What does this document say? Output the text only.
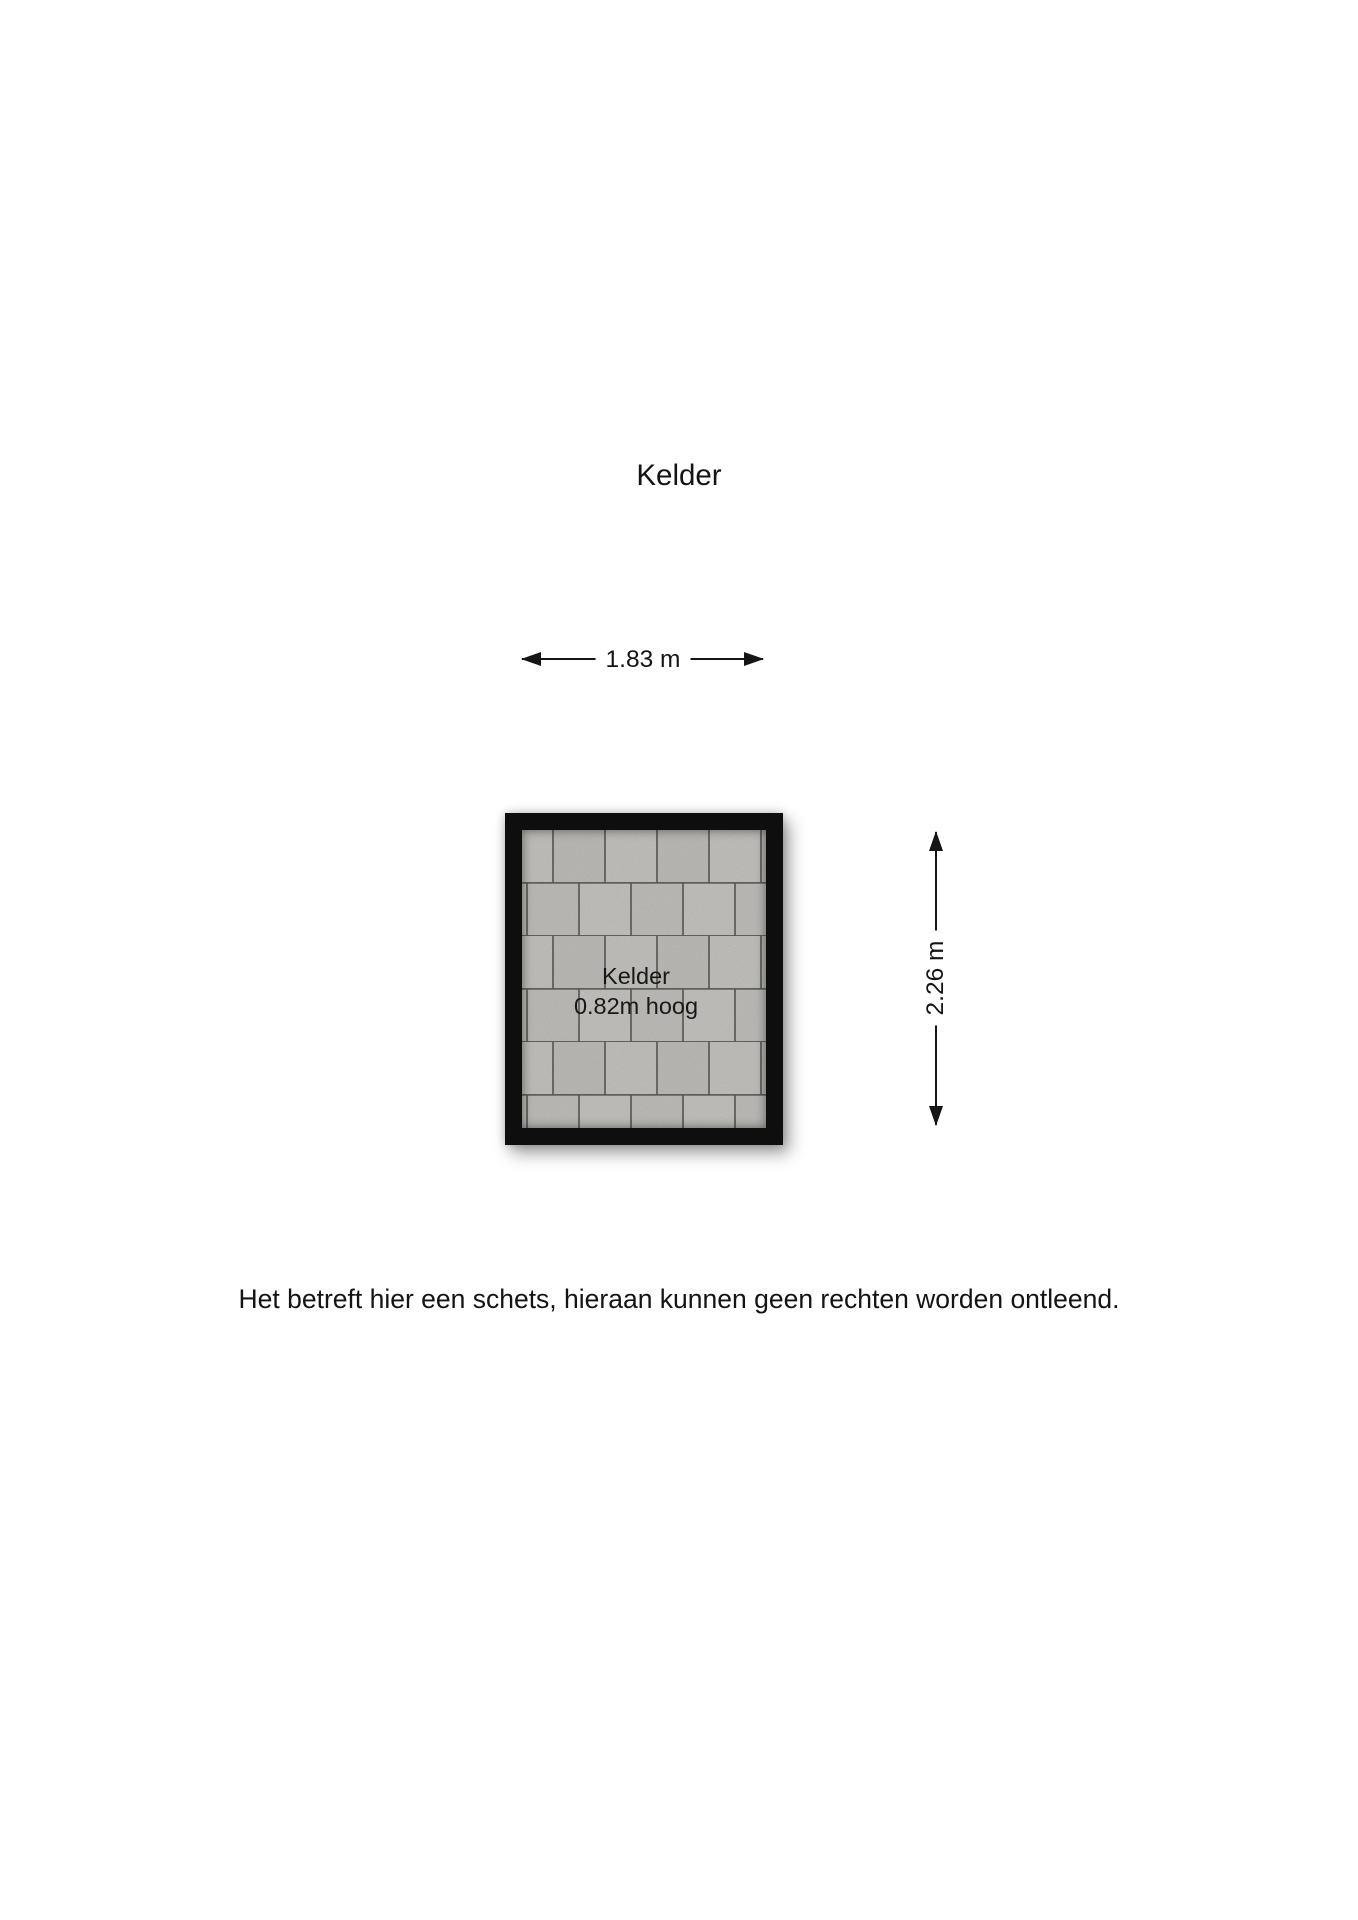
Kelder
1.83 m
Kelder
0.82m hoog	2.26 m
Het betreft hier een schets, hieraan kunnen geen rechten worden ontleend.
